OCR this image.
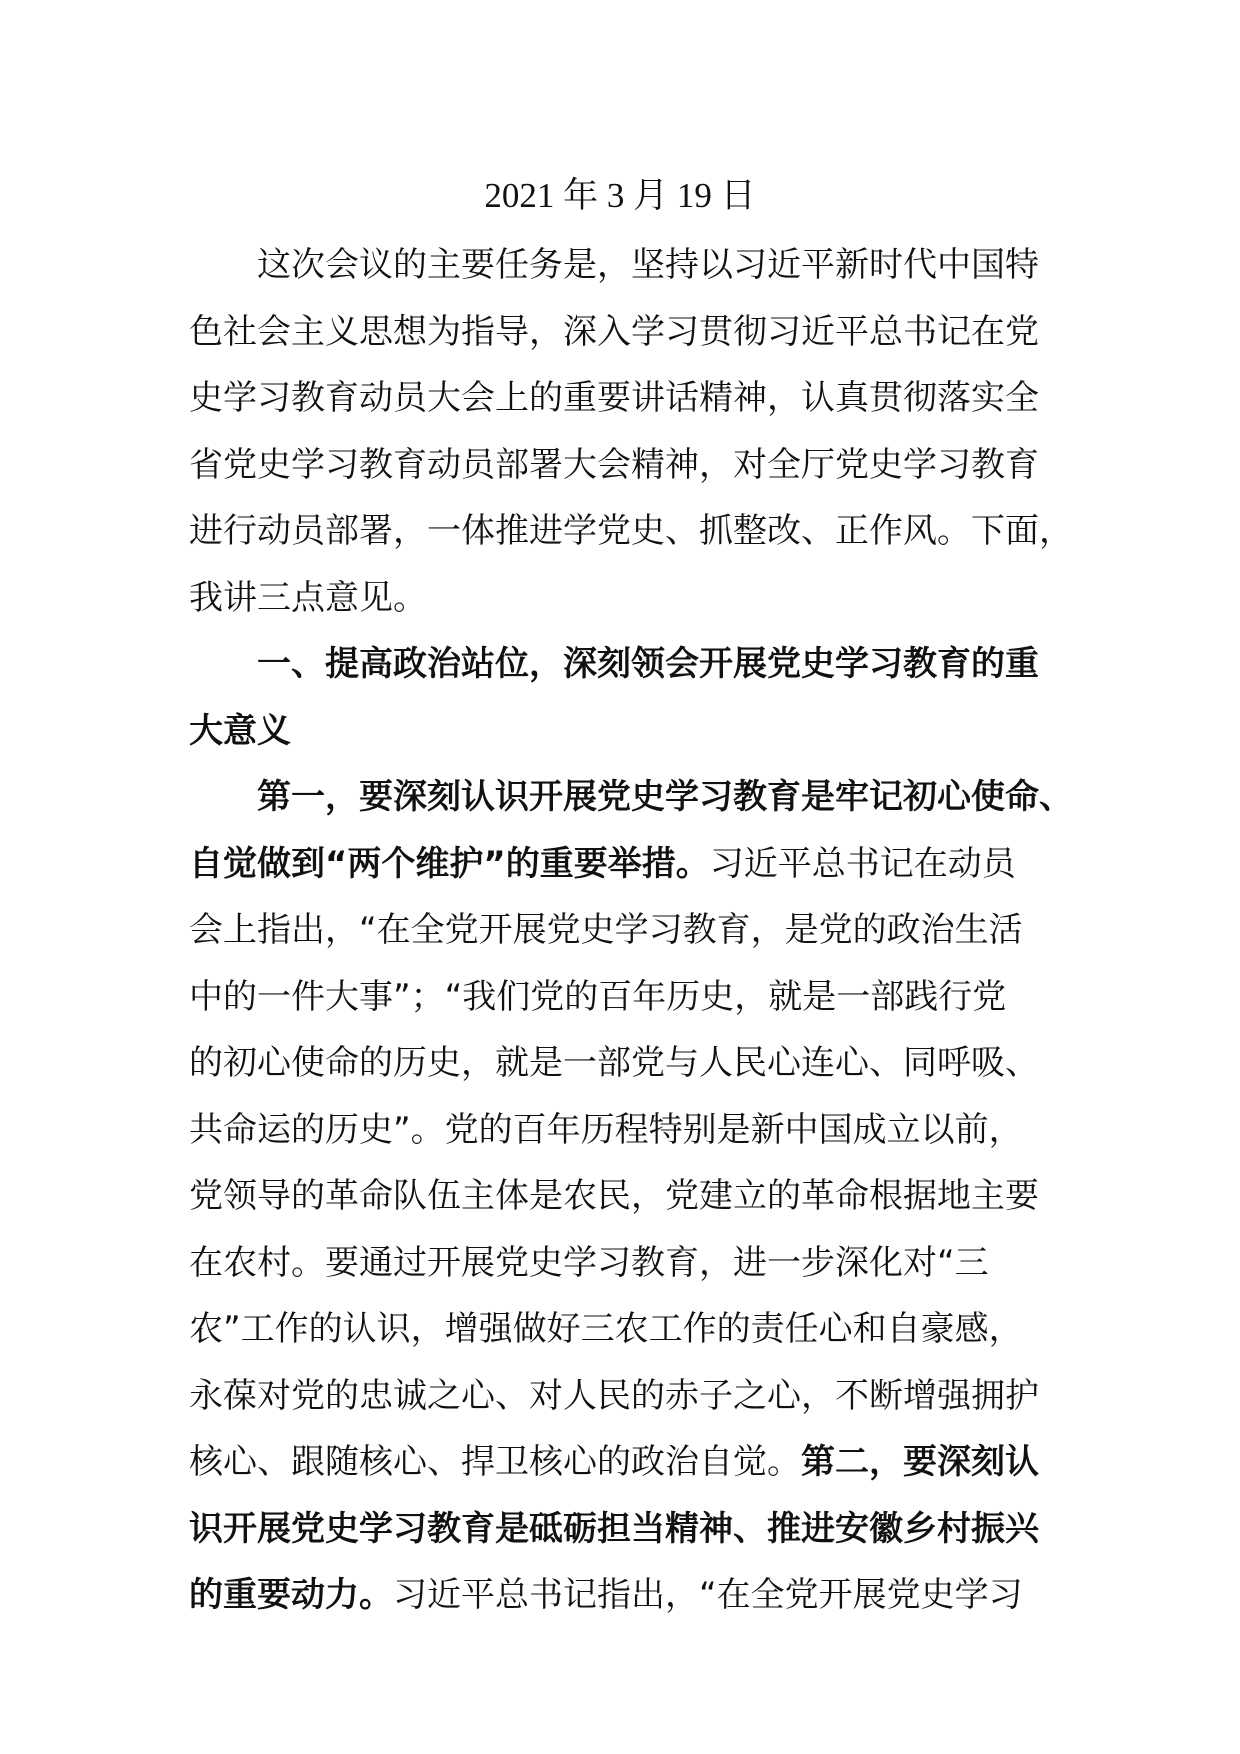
2021 年 3 月 19 日
这次会议的主要任务是，坚持以习近平新时代中国特
色社会主义思想为指导，深入学习贯彻习近平总书记在党
史学习教育动员大会上的重要讲话精神，认真贯彻落实全
省党史学习教育动员部署大会精神，对全厅党史学习教育
进行动员部署，一体推进学党史、抓整改、正作风。下面，
我讲三点意见。
一、提高政治站位，深刻领会开展党史学习教育的重
大意义
第一，要深刻认识开展党史学习教育是牢记初心使命、
自觉做到“两个维护”的重要举措。习近平总书记在动员
会上指出，“在全党开展党史学习教育，是党的政治生活
中的一件大事”；“我们党的百年历史，就是一部践行党
的初心使命的历史，就是一部党与人民心连心、同呼吸、
共命运的历史”。党的百年历程特别是新中国成立以前，
党领导的革命队伍主体是农民，党建立的革命根据地主要
在农村。要通过开展党史学习教育，进一步深化对“三
农”工作的认识，增强做好三农工作的责任心和自豪感，
永葆对党的忠诚之心、对人民的赤子之心，不断增强拥护
核心、跟随核心、捍卫核心的政治自觉。第二，要深刻认
识开展党史学习教育是砥砺担当精神、推进安徽乡村振兴
的重要动力。习近平总书记指出，“在全党开展党史学习
